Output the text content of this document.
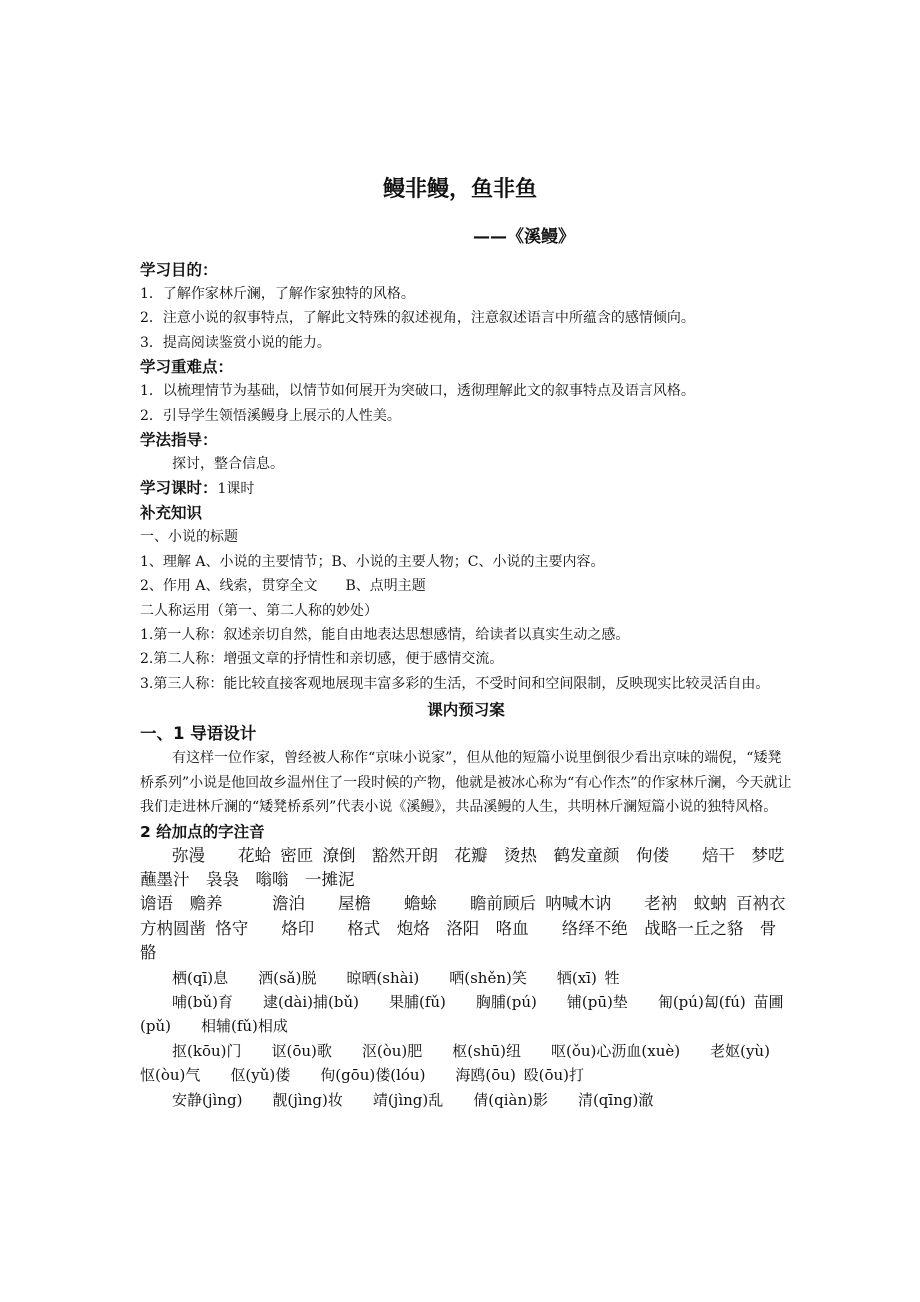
鳗非鳗，鱼非鱼
——《溪鳗》

学习目的：

1．了解作家林斤澜，了解作家独特的风格。

2．注意小说的叙事特点，了解此文特殊的叙述视角，注意叙述语言中所蕴含的感情倾向。

3．提高阅读鉴赏小说的能力。

学习重难点：

1．以梳理情节为基础，以情节如何展开为突破口，透彻理解此文的叙事特点及语言风格。

2．引导学生领悟溪鳗身上展示的人性美。

学法指导：

探讨，整合信息。

学习课时：1课时

补充知识

一、小说的标题

1、理解 A、小说的主要情节；B、小说的主要人物；C、小说的主要内容。

2、作用 A、线索，贯穿全文　　B、点明主题

二人称运用（第一、第二人称的妙处）

1.第一人称：叙述亲切自然，能自由地表达思想感情，给读者以真实生动之感。

2.第二人称：增强文章的抒情性和亲切感，便于感情交流。

3.第三人称：能比较直接客观地展现丰富多彩的生活，不受时间和空间限制，反映现实比较灵活自由。

课内预习案

一、1 导语设计

有这样一位作家，曾经被人称作“京味小说家”，但从他的短篇小说里倒很少看出京味的端倪，“矮凳桥系列”小说是他回故乡温州住了一段时候的产物，他就是被冰心称为“有心作杰”的作家林斤澜，今天就让我们走进林斤澜的“矮凳桥系列”代表小说《溪鳗》，共品溪鳗的人生，共明林斤澜短篇小说的独特风格。

2 给加点的字注音

弥漫　　花蛤 密匝 潦倒　豁然开朗　花瓣　烫热　鹤发童颜　佝偻　　焙干　梦呓　　蘸墨汁　袅袅　嗡嗡　一摊泥

谵语　赡养　　　澹泊　　屋檐　　蟾蜍　　瞻前顾后 呐喊木讷　　老衲　蚊蚋 百衲衣　　方枘圆凿 恪守　　烙印　　格式　炮烙　洛阳　咯血　　络绎不绝　战略一丘之貉　骨骼

栖(qī)息　　洒(sǎ)脱　　晾晒(shài)　　哂(shěn)笑　　牺(xī) 牲

哺(bǔ)育　　逮(dài)捕(bǔ)　　果脯(fǔ)　　胸脯(pú)　　铺(pū)垫　　匍(pú)匐(fú) 苗圃(pǔ)　　相辅(fǔ)相成

抠(kōu)门　　讴(ōu)歌　　沤(òu)肥　　枢(shū)纽　　呕(ǒu)心沥血(xuè)　　老妪(yù)　　怄(òu)气　　伛(yǔ)偻　　佝(gōu)偻(lóu)　　海鸥(ōu) 殴(ōu)打

安静(jìng)　　靓(jìng)妆　　靖(jìng)乱　　倩(qiàn)影　　清(qīng)澈
